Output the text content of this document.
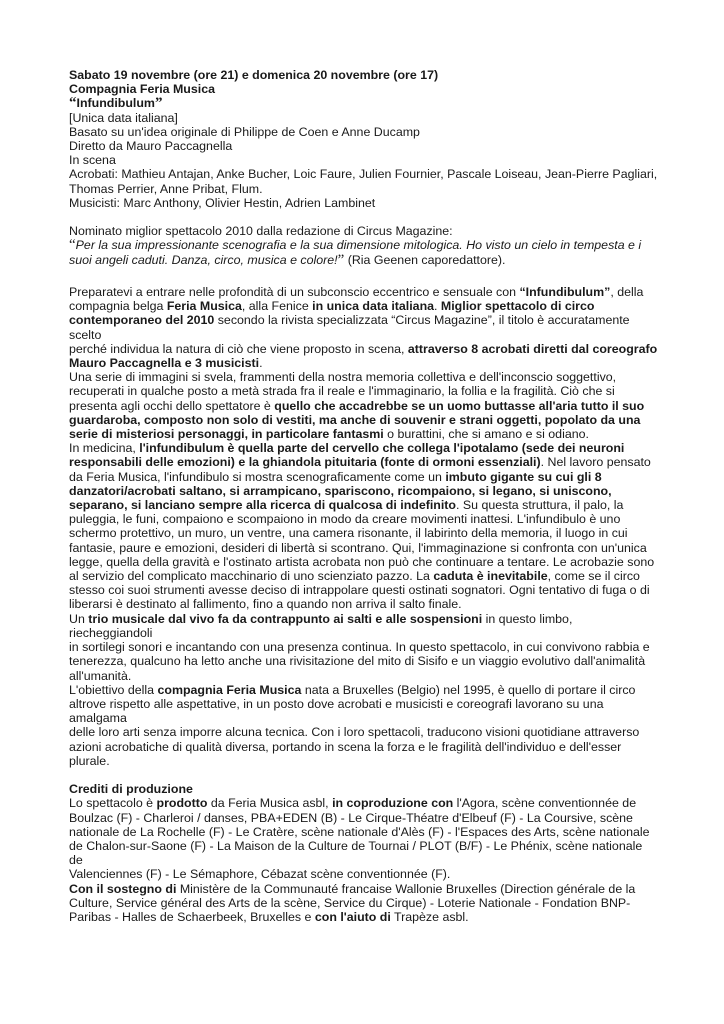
Sabato 19 novembre (ore 21) e domenica 20 novembre (ore 17)
Compagnia Feria Musica
“Infundibulum”
[Unica data italiana]
Basato su un'idea originale di Philippe de Coen e Anne Ducamp
Diretto da Mauro Paccagnella
In scena
Acrobati: Mathieu Antajan, Anke Bucher, Loic Faure, Julien Fournier, Pascale Loiseau, Jean-Pierre Pagliari,
Thomas Perrier, Anne Pribat, Flum.
Musicisti: Marc Anthony, Olivier Hestin, Adrien Lambinet
Nominato miglior spettacolo 2010 dalla redazione di Circus Magazine:
“Per la sua impressionante scenografia e la sua dimensione mitologica. Ho visto un cielo in tempesta e i
suoi angeli caduti. Danza, circo, musica e colore!” (Ria Geenen caporedattore).
Preparatevi a entrare nelle profondità di un subconscio eccentrico e sensuale con “Infundibulum”, della
compagnia belga Feria Musica, alla Fenice in unica data italiana. Miglior spettacolo di circo
contemporaneo del 2010 secondo la rivista specializzata “Circus Magazine”, il titolo è accuratamente scelto
perché individua la natura di ciò che viene proposto in scena, attraverso 8 acrobati diretti dal coreografo
Mauro Paccagnella e 3 musicisti.
Una serie di immagini si svela, frammenti della nostra memoria collettiva e dell'inconscio soggettivo,
recuperati in qualche posto a metà strada fra il reale e l'immaginario, la follia e la fragilità. Ciò che si
presenta agli occhi dello spettatore è quello che accadrebbe se un uomo buttasse all'aria tutto il suo
guardaroba, composto non solo di vestiti, ma anche di souvenir e strani oggetti, popolato da una
serie di misteriosi personaggi, in particolare fantasmi o burattini, che si amano e si odiano.
In medicina, l'infundibulum è quella parte del cervello che collega l'ipotalamo (sede dei neuroni
responsabili delle emozioni) e la ghiandola pituitaria (fonte di ormoni essenziali). Nel lavoro pensato
da Feria Musica, l'infundibulo si mostra scenograficamente come un imbuto gigante su cui gli 8
danzatori/acrobati saltano, si arrampicano, spariscono, ricompaiono, si legano, si uniscono,
separano, si lanciano sempre alla ricerca di qualcosa di indefinito. Su questa struttura, il palo, la
puleggia, le funi, compaiono e scompaiono in modo da creare movimenti inattesi. L'infundibulo è uno
schermo protettivo, un muro, un ventre, una camera risonante, il labirinto della memoria, il luogo in cui
fantasie, paure e emozioni, desideri di libertà si scontrano. Qui, l'immaginazione si confronta con un'unica
legge, quella della gravità e l'ostinato artista acrobata non può che continuare a tentare. Le acrobazie sono
al servizio del complicato macchinario di uno scienziato pazzo. La caduta è inevitabile, come se il circo
stesso coi suoi strumenti avesse deciso di intrappolare questi ostinati sognatori. Ogni tentativo di fuga o di
liberarsi è destinato al fallimento, fino a quando non arriva il salto finale.
Un trio musicale dal vivo fa da contrappunto ai salti e alle sospensioni in questo limbo, riecheggiandoli
in sortilegi sonori e incantando con una presenza continua. In questo spettacolo, in cui convivono rabbia e
tenerezza, qualcuno ha letto anche una rivisitazione del mito di Sisifo e un viaggio evolutivo dall'animalità
all'umanità.
L'obiettivo della compagnia Feria Musica nata a Bruxelles (Belgio) nel 1995, è quello di portare il circo
altrove rispetto alle aspettative, in un posto dove acrobati e musicisti e coreografi lavorano su una amalgama
delle loro arti senza imporre alcuna tecnica. Con i loro spettacoli, traducono visioni quotidiane attraverso
azioni acrobatiche di qualità diversa, portando in scena la forza e le fragilità dell'individuo e dell'esser plurale.
Crediti di produzione
Lo spettacolo è prodotto da Feria Musica asbl, in coproduzione con l'Agora, scène conventionnée de
Boulzac (F) - Charleroi / danses, PBA+EDEN (B) - Le Cirque-Théatre d'Elbeuf (F) - La Coursive, scène
nationale de La Rochelle (F) - Le Cratère, scène nationale d'Alès (F) - l'Espaces des Arts, scène nationale
de Chalon-sur-Saone (F) - La Maison de la Culture de Tournai / PLOT (B/F) - Le Phénix, scène nationale de
Valenciennes (F) - Le Sémaphore, Cébazat scène conventionnée (F).
Con il sostegno di Ministère de la Communauté francaise Wallonie Bruxelles (Direction générale de la
Culture, Service général des Arts de la scène, Service du Cirque) - Loterie Nationale - Fondation BNP-
Paribas - Halles de Schaerbeek, Bruxelles e con l'aiuto di Trapèze asbl.
